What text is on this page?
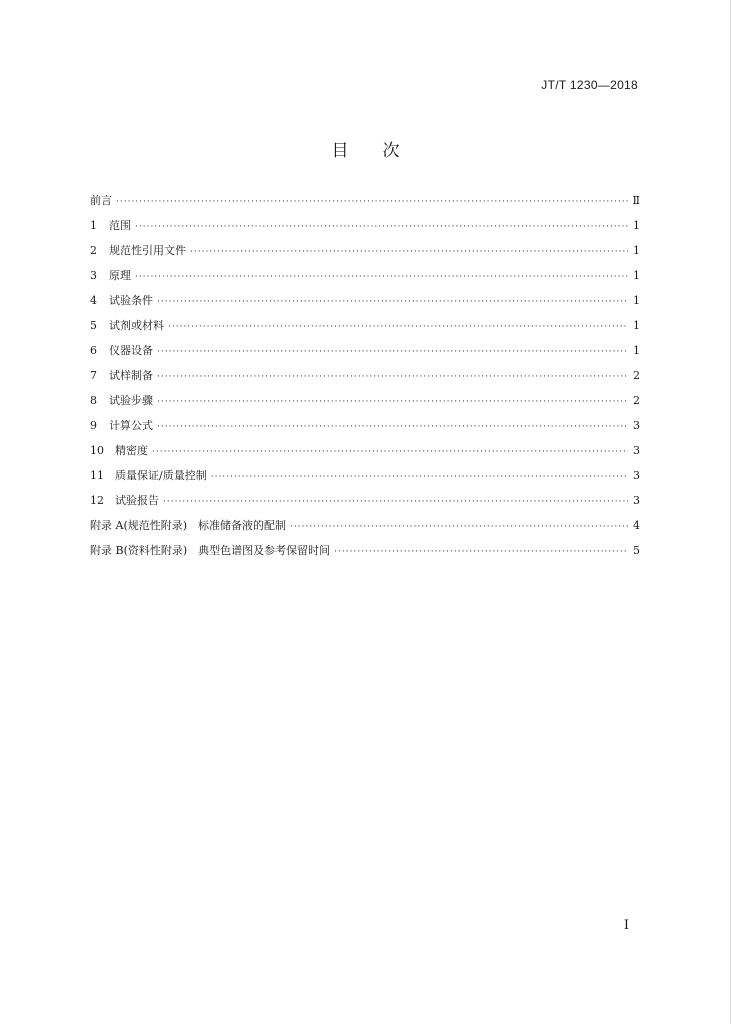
JT/T 1230—2018
目次
前言 ·····	Ⅱ
1	范围 ·····	1
2	规范性引用文件 ·····	1
3	原理 ·····	1
4	试验条件 ·····	1
5	试剂或材料 ·····	1
6	仪器设备 ·····	1
7	试样制备 ·····	2
8	试验步骤 ·····	2
9	计算公式 ·····	3
10	精密度 ·····	3
11	质量保证/质量控制 ·····	3
12	试验报告 ·····	3
附录 A(规范性附录)　标准储备液的配制 ·····	4
附录 B(资料性附录)　典型色谱图及参考保留时间 ·····	5
Ⅰ
